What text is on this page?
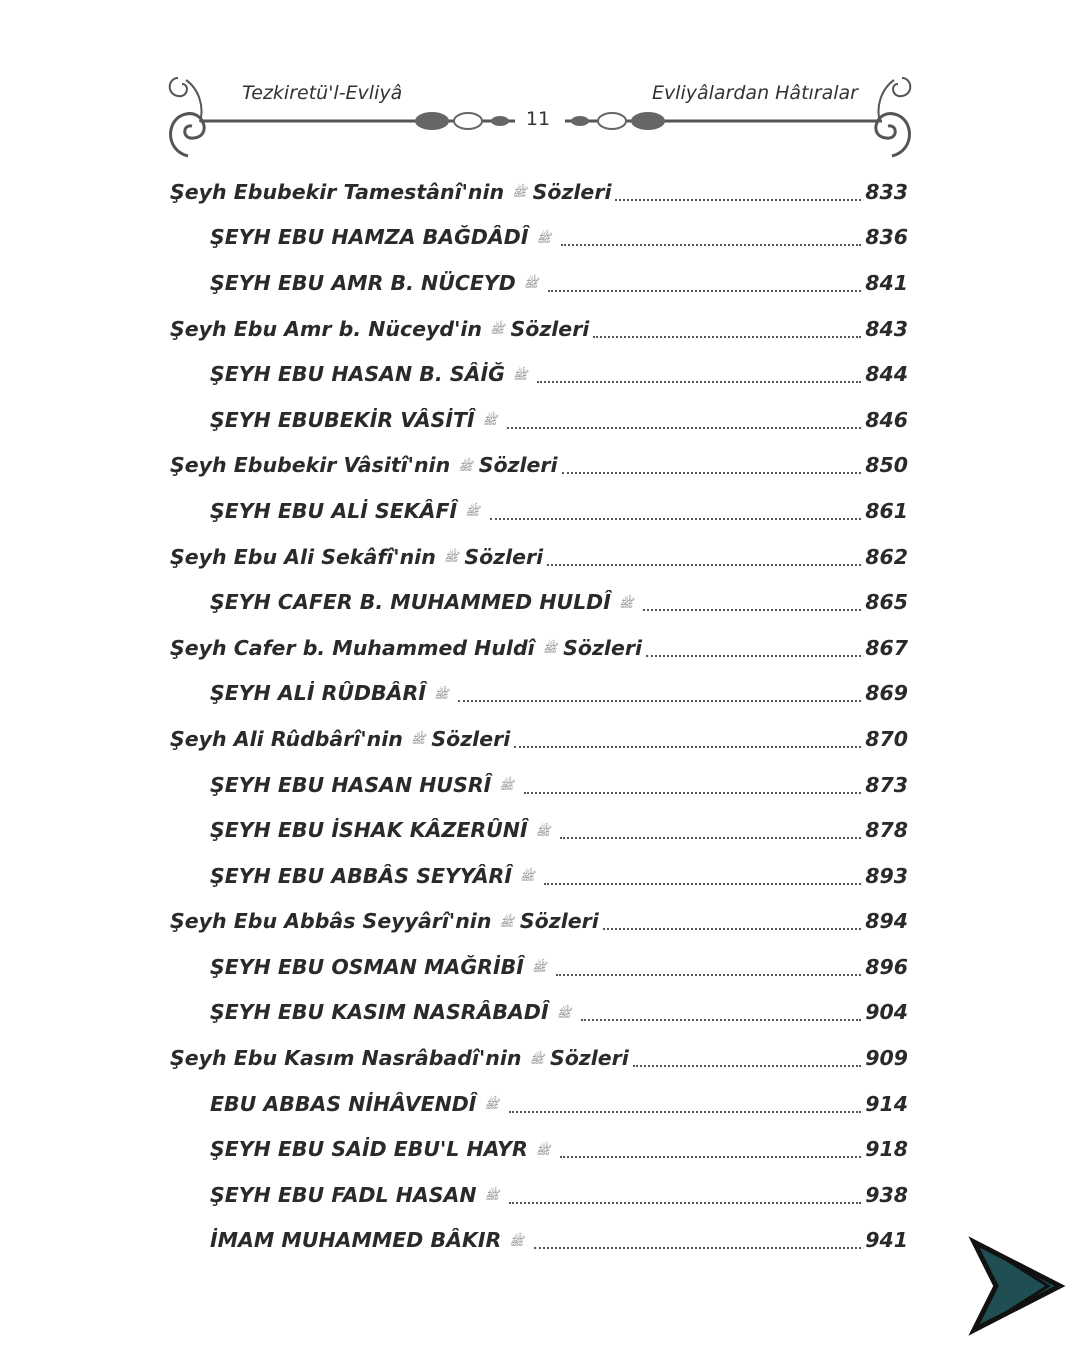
Tezkiretü'l-Evliyâ	Evliyâlardan Hâtıralar
11
Şeyh Ebubekir Tamestânî'nin ﷺ Sözleri	833
ŞEYH EBU HAMZA BAĞDÂDÎ ﷺ	836
ŞEYH EBU AMR B. NÜCEYD ﷺ	841
Şeyh Ebu Amr b. Nüceyd'in ﷺ Sözleri	843
ŞEYH EBU HASAN B. SÂİĞ ﷺ	844
ŞEYH EBUBEKİR VÂSİTÎ ﷺ	846
Şeyh Ebubekir Vâsitî'nin ﷺ Sözleri	850
ŞEYH EBU ALİ SEKÂFÎ ﷺ	861
Şeyh Ebu Ali Sekâfî'nin ﷺ Sözleri	862
ŞEYH CAFER B. MUHAMMED HULDÎ ﷺ	865
Şeyh Cafer b. Muhammed Huldî ﷺ Sözleri	867
ŞEYH ALİ RÛDBÂRÎ ﷺ	869
Şeyh Ali Rûdbârî'nin ﷺ Sözleri	870
ŞEYH EBU HASAN HUSRÎ ﷺ	873
ŞEYH EBU İSHAK KÂZERÛNÎ ﷺ	878
ŞEYH EBU ABBÂS SEYYÂRÎ ﷺ	893
Şeyh Ebu Abbâs Seyyârî'nin ﷺ Sözleri	894
ŞEYH EBU OSMAN MAĞRİBÎ ﷺ	896
ŞEYH EBU KASIM NASRÂBADÎ ﷺ	904
Şeyh Ebu Kasım Nasrâbadî'nin ﷺ Sözleri	909
EBU ABBAS NİHÂVENDÎ ﷺ	914
ŞEYH EBU SAİD EBU'L HAYR ﷺ	918
ŞEYH EBU FADL HASAN ﷺ	938
İMAM MUHAMMED BÂKIR ﷺ	941
